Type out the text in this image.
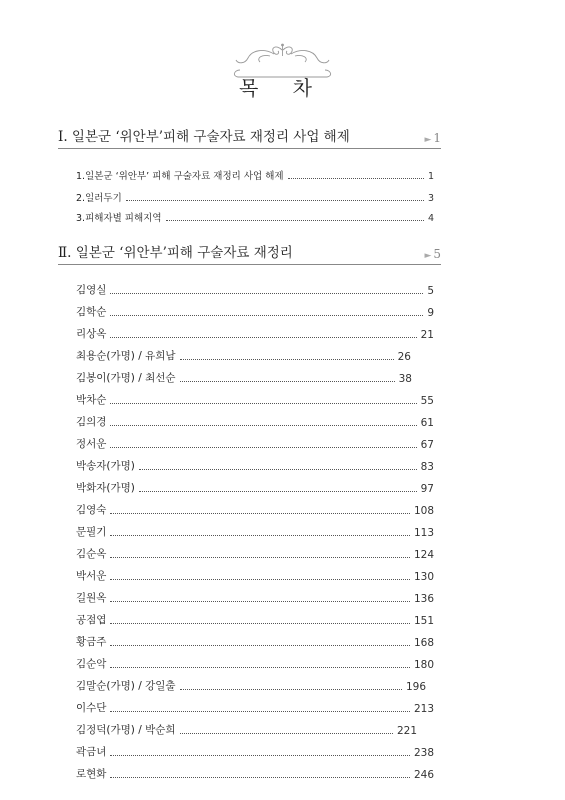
목 차
Ⅰ. 일본군 ‘위안부’피해 구술자료 재정리 사업 해제	► 1
1.일본군 ‘위안부’ 피해 구술자료 재정리 사업 해제	1
2.일러두기	3
3.피해자별 피해지역	4
Ⅱ. 일본군 ‘위안부’피해 구술자료 재정리	► 5
김영실	5
김학순	9
리상옥	21
최용순(가명) / 유희남	26
김봉이(가명) / 최선순	38
박차순	55
김의경	61
정서운	67
박송자(가명)	83
박화자(가명)	97
김영숙	108
문필기	113
김순옥	124
박서운	130
길원옥	136
공점엽	151
황금주	168
김순악	180
김말순(가명) / 강일출	196
이수단	213
김정덕(가명) / 박순희	221
곽금녀	238
로현화	246
